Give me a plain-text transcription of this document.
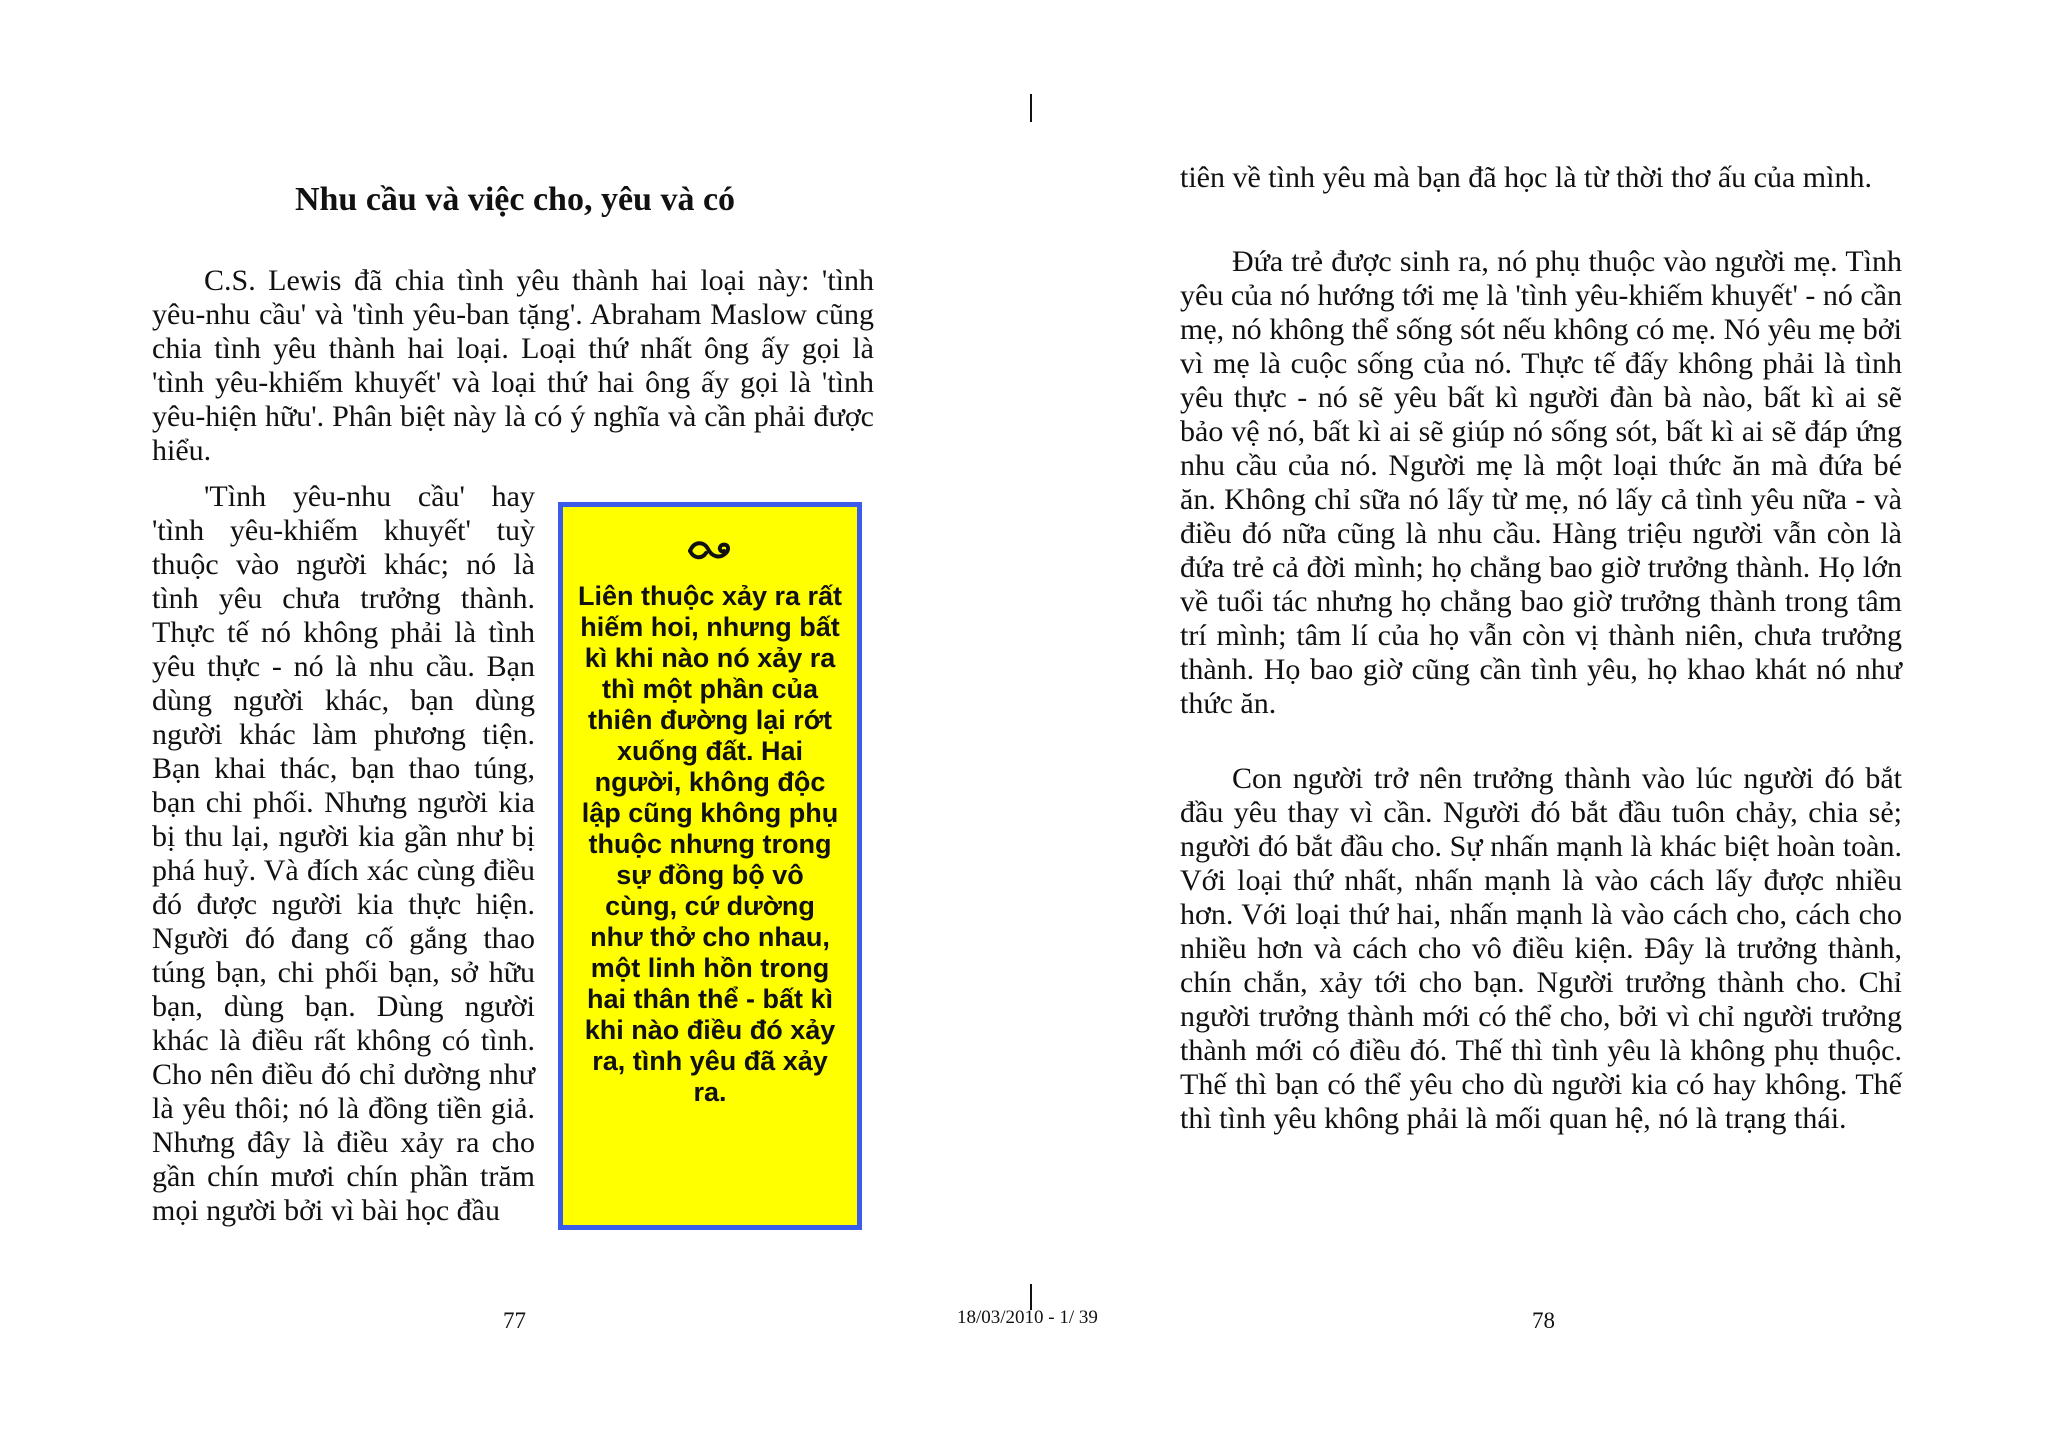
Nhu cầu và việc cho, yêu và có

C.S. Lewis đã chia tình yêu thành hai loại này: 'tình yêu-nhu cầu' và 'tình yêu-ban tặng'. Abraham Maslow cũng chia tình yêu thành hai loại. Loại thứ nhất ông ấy gọi là 'tình yêu-khiếm khuyết' và loại thứ hai ông ấy gọi là 'tình yêu-hiện hữu'. Phân biệt này là có ý nghĩa và cần phải được hiểu.

'Tình yêu-nhu cầu' hay 'tình yêu-khiếm khuyết' tuỳ thuộc vào người khác; nó là tình yêu chưa trưởng thành. Thực tế nó không phải là tình yêu thực - nó là nhu cầu. Bạn dùng người khác, bạn dùng người khác làm phương tiện. Bạn khai thác, bạn thao túng, bạn chi phối. Nhưng người kia bị thu lại, người kia gần như bị phá huỷ. Và đích xác cùng điều đó được người kia thực hiện. Người đó đang cố gắng thao túng bạn, chi phối bạn, sở hữu bạn, dùng bạn. Dùng người khác là điều rất không có tình. Cho nên điều đó chỉ dường như là yêu thôi; nó là đồng tiền giả. Nhưng đây là điều xảy ra cho gần chín mươi chín phần trăm mọi người bởi vì bài học đầu

Liên thuộc xảy ra rất hiếm hoi, nhưng bất kì khi nào nó xảy ra thì một phần của thiên đường lại rớt xuống đất. Hai người, không độc lập cũng không phụ thuộc nhưng trong sự đồng bộ vô cùng, cứ dường như thở cho nhau, một linh hồn trong hai thân thể - bất kì khi nào điều đó xảy ra, tình yêu đã xảy ra.

tiên về tình yêu mà bạn đã học là từ thời thơ ấu của mình.

Đứa trẻ được sinh ra, nó phụ thuộc vào người mẹ. Tình yêu của nó hướng tới mẹ là 'tình yêu-khiếm khuyết' - nó cần mẹ, nó không thể sống sót nếu không có mẹ. Nó yêu mẹ bởi vì mẹ là cuộc sống của nó. Thực tế đấy không phải là tình yêu thực - nó sẽ yêu bất kì người đàn bà nào, bất kì ai sẽ bảo vệ nó, bất kì ai sẽ giúp nó sống sót, bất kì ai sẽ đáp ứng nhu cầu của nó. Người mẹ là một loại thức ăn mà đứa bé ăn. Không chỉ sữa nó lấy từ mẹ, nó lấy cả tình yêu nữa - và điều đó nữa cũng là nhu cầu. Hàng triệu người vẫn còn là đứa trẻ cả đời mình; họ chẳng bao giờ trưởng thành. Họ lớn về tuổi tác nhưng họ chẳng bao giờ trưởng thành trong tâm trí mình; tâm lí của họ vẫn còn vị thành niên, chưa trưởng thành. Họ bao giờ cũng cần tình yêu, họ khao khát nó như thức ăn.

Con người trở nên trưởng thành vào lúc người đó bắt đầu yêu thay vì cần. Người đó bắt đầu tuôn chảy, chia sẻ; người đó bắt đầu cho. Sự nhấn mạnh là khác biệt hoàn toàn. Với loại thứ nhất, nhấn mạnh là vào cách lấy được nhiều hơn. Với loại thứ hai, nhấn mạnh là vào cách cho, cách cho nhiều hơn và cách cho vô điều kiện. Đây là trưởng thành, chín chắn, xảy tới cho bạn. Người trưởng thành cho. Chỉ người trưởng thành mới có thể cho, bởi vì chỉ người trưởng thành mới có điều đó. Thế thì tình yêu là không phụ thuộc. Thế thì bạn có thể yêu cho dù người kia có hay không. Thế thì tình yêu không phải là mối quan hệ, nó là trạng thái.

77	18/03/2010 - 1/ 39	78
